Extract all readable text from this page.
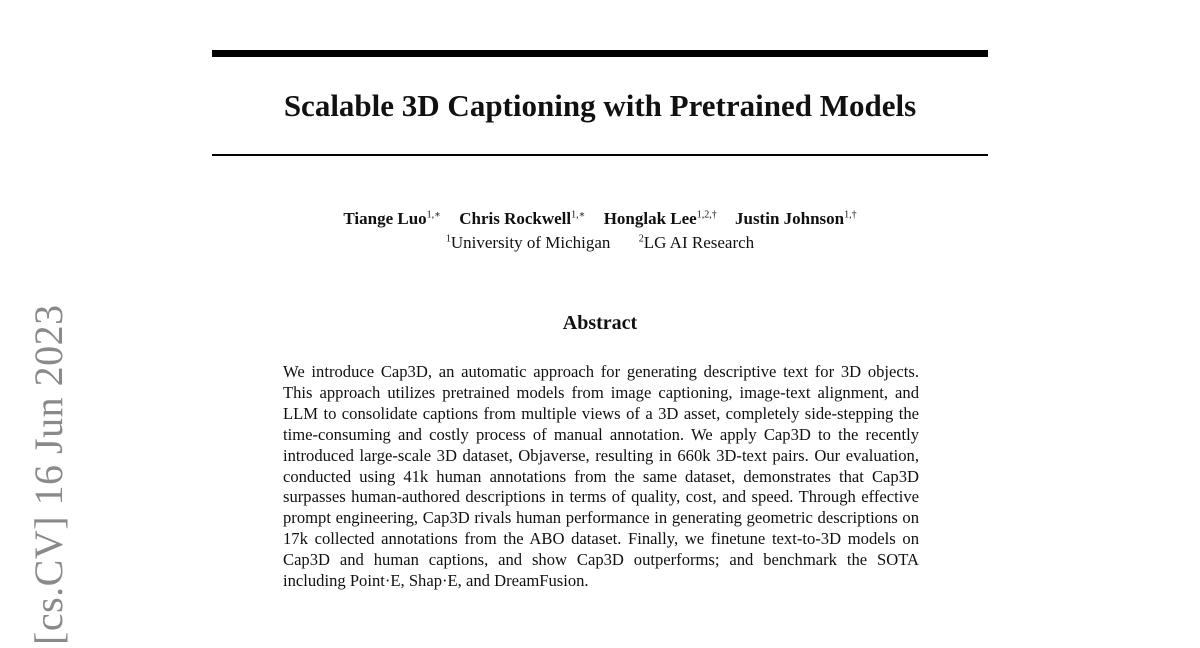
Scalable 3D Captioning with Pretrained Models
Tiange Luo$^{1,∗}$ Chris Rockwell$^{1,∗}$ Honglak Lee$^{1,2,\dagger}$ Justin Johnson$^{1,\dagger}$
$^1$University of Michigan	$^2$LG AI Research
Abstract

We introduce Cap3D, an automatic approach for generating descriptive text for 3D objects. This approach utilizes pretrained models from image captioning, image-text alignment, and LLM to consolidate captions from multiple views of a 3D asset, completely side-stepping the time-consuming and costly process of manual annotation. We apply Cap3D to the recently introduced large-scale 3D dataset, Objaverse, resulting in 660k 3D-text pairs. Our evaluation, conducted using 41k human annotations from the same dataset, demonstrates that Cap3D surpasses human-authored descriptions in terms of quality, cost, and speed. Through effective prompt engineering, Cap3D rivals human performance in generating geometric descriptions on 17k collected annotations from the ABO dataset. Finally, we finetune text-to-3D models on Cap3D and human captions, and show Cap3D outperforms; and benchmark the SOTA including Point·E, Shap·E, and DreamFusion.

[cs.CV] 16 Jun 2023
